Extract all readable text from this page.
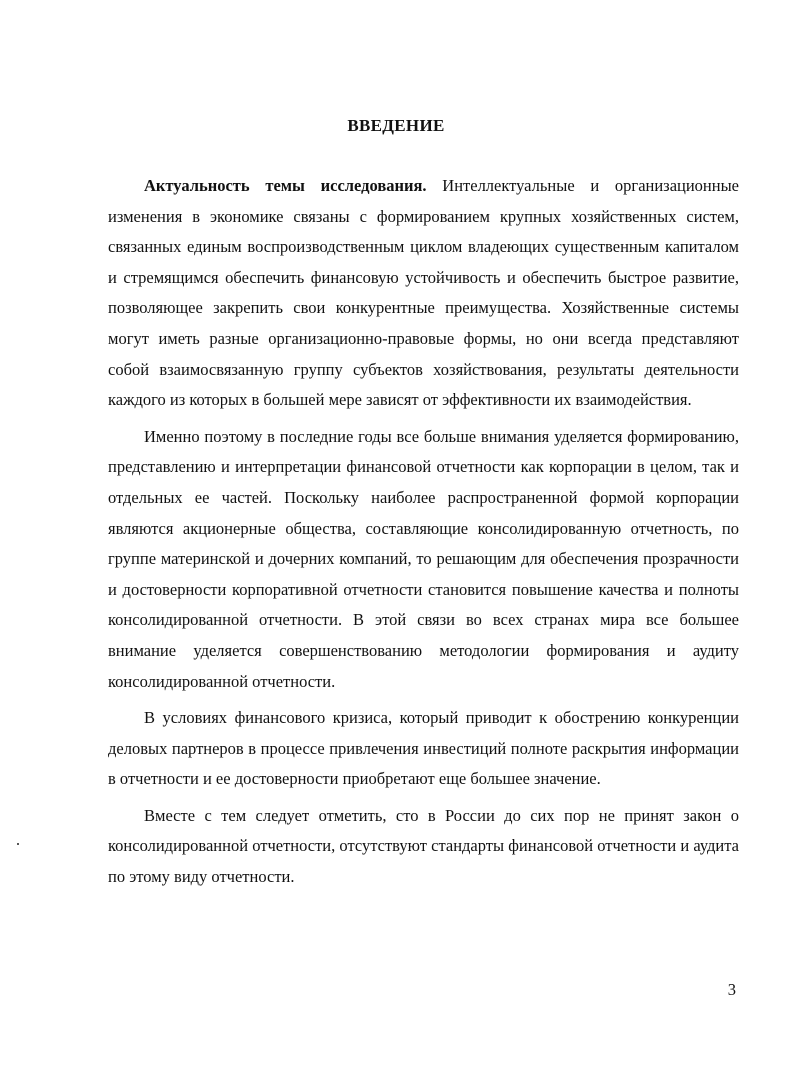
ВВЕДЕНИЕ

Актуальность темы исследования. Интеллектуальные и организационные изменения в экономике связаны с формированием крупных хозяйственных систем, связанных единым воспроизводственным циклом владеющих существенным капиталом и стремящимся обеспечить финансовую устойчивость и обеспечить быстрое развитие, позволяющее закрепить свои конкурентные преимущества. Хозяйственные системы могут иметь разные организационно-правовые формы, но они всегда представляют собой взаимосвязанную группу субъектов хозяйствования, результаты деятельности каждого из которых в большей мере зависят от эффективности их взаимодействия.

Именно поэтому в последние годы все больше внимания уделяется формированию, представлению и интерпретации финансовой отчетности как корпорации в целом, так и отдельных ее частей. Поскольку наиболее распространенной формой корпорации являются акционерные общества, составляющие консолидированную отчетность, по группе материнской и дочерних компаний, то решающим для обеспечения прозрачности и достоверности корпоративной отчетности становится повышение качества и полноты консолидированной отчетности. В этой связи во всех странах мира все большее внимание уделяется совершенствованию методологии формирования и аудиту консолидированной отчетности.

В условиях финансового кризиса, который приводит к обострению конкуренции деловых партнеров в процессе привлечения инвестиций полноте раскрытия информации в отчетности и ее достоверности приобретают еще большее значение.

Вместе с тем следует отметить, сто в России до сих пор не принят закон о консолидированной отчетности, отсутствуют стандарты финансовой отчетности и аудита по этому виду отчетности.

3
